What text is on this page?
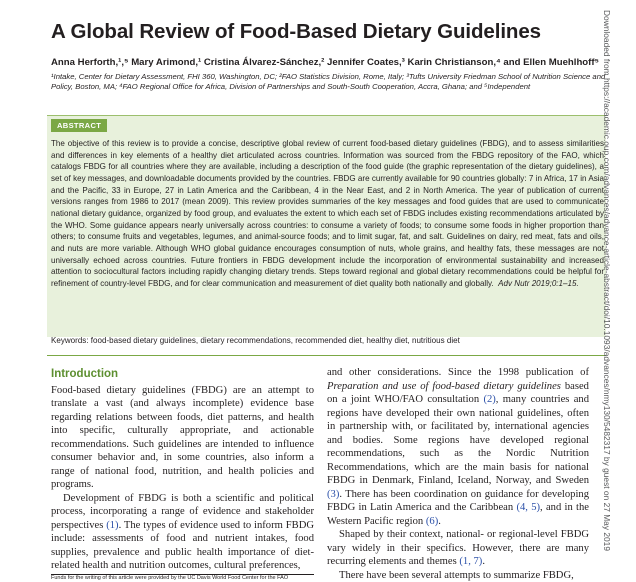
A Global Review of Food-Based Dietary Guidelines
Anna Herforth,¹,⁵ Mary Arimond,¹ Cristina Álvarez-Sánchez,² Jennifer Coates,³ Karin Christianson,⁴ and Ellen Muehlhoff⁵
¹Intake, Center for Dietary Assessment, FHI 360, Washington, DC; ²FAO Statistics Division, Rome, Italy; ³Tufts University Friedman School of Nutrition Science and Policy, Boston, MA; ⁴FAO Regional Office for Africa, Division of Partnerships and South-South Cooperation, Accra, Ghana; and ⁵Independent
ABSTRACT
The objective of this review is to provide a concise, descriptive global review of current food-based dietary guidelines (FBDG), and to assess similarities and differences in key elements of a healthy diet articulated across countries. Information was sourced from the FBDG repository of the FAO, which catalogs FBDG for all countries where they are available, including a description of the food guide (the graphic representation of the dietary guidelines), a set of key messages, and downloadable documents provided by the countries. FBDG are currently available for 90 countries globally: 7 in Africa, 17 in Asia and the Pacific, 33 in Europe, 27 in Latin America and the Caribbean, 4 in the Near East, and 2 in North America. The year of publication of current versions ranges from 1986 to 2017 (mean 2009). This review provides summaries of the key messages and food guides that are used to communicate national dietary guidance, organized by food group, and evaluates the extent to which each set of FBDG includes existing recommendations articulated by the WHO. Some guidance appears nearly universally across countries: to consume a variety of foods; to consume some foods in higher proportion than others; to consume fruits and vegetables, legumes, and animal-source foods; and to limit sugar, fat, and salt. Guidelines on dairy, red meat, fats and oils, and nuts are more variable. Although WHO global guidance encourages consumption of nuts, whole grains, and healthy fats, these messages are not universally echoed across countries. Future frontiers in FBDG development include the incorporation of environmental sustainability and increased attention to sociocultural factors including rapidly changing dietary trends. Steps toward regional and global dietary recommendations could be helpful for refinement of country-level FBDG, and for clear communication and measurement of diet quality both nationally and globally. Adv Nutr 2019;0:1–15.
Keywords: food-based dietary guidelines, dietary recommendations, recommended diet, healthy diet, nutritious diet
Introduction

Food-based dietary guidelines (FBDG) are an attempt to translate a vast (and always incomplete) evidence base regarding relations between foods, diet patterns, and health into specific, culturally appropriate, and actionable recommendations. Such guidelines are intended to influence consumer behavior and, in some countries, also inform a range of national food, nutrition, and health policies and programs.

Development of FBDG is both a scientific and political process, incorporating a range of evidence and stakeholder perspectives (1). The types of evidence used to inform FBDG include: assessments of food and nutrient intakes, food supplies, prevalence and public health importance of diet-related health and nutrition outcomes, cultural preferences,

and other considerations. Since the 1998 publication of Preparation and use of food-based dietary guidelines based on a joint WHO/FAO consultation (2), many countries and regions have developed their own national guidelines, often in partnership with, or facilitated by, international agencies and bodies. Some regions have developed regional recommendations, such as the Nordic Nutrition Recommendations, which are the main basis for national FBDG in Denmark, Finland, Iceland, Norway, and Sweden (3). There has been coordination on guidance for developing FBDG in Latin America and the Caribbean (4, 5), and in the Western Pacific region (6).

Shaped by their context, national- or regional-level FBDG vary widely in their specifics. However, there are many recurring elements and themes (1, 7).

There have been several attempts to summarize FBDG,

Funds for the writing of this article were provided by the UC Davis World Food Center for the FAO
Downloaded from https://academic.oup.com/advances/advance-article-abstract/doi/10.1093/advances/nmy130/5482317 by guest on 27 May 2019
